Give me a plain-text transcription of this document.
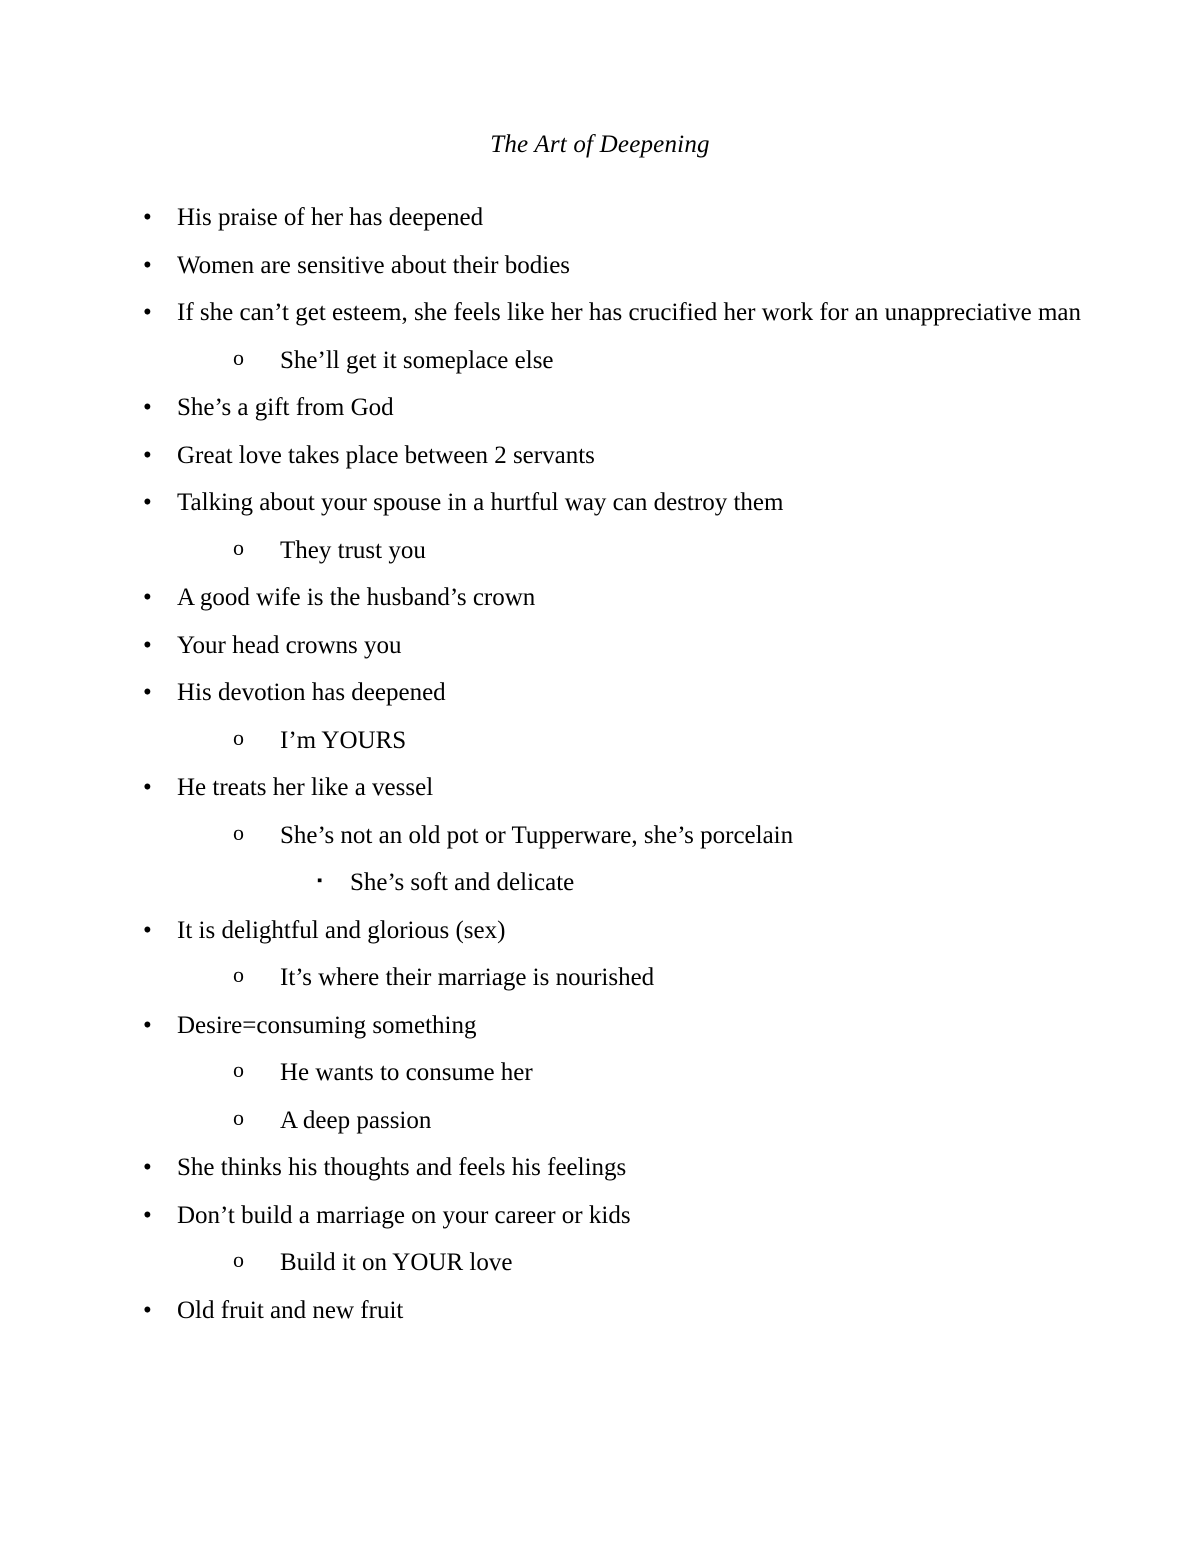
The Art of Deepening
•	His praise of her has deepened
•	Women are sensitive about their bodies
•	If she can’t get esteem, she feels like her has crucified her work for an unappreciative man
o She’ll get it someplace else
•	She’s a gift from God
•	Great love takes place between 2 servants
•	Talking about your spouse in a hurtful way can destroy them
o They trust you
•	A good wife is the husband’s crown
•	Your head crowns you
•	His devotion has deepened
o I’m YOURS
•	He treats her like a vessel
o She’s not an old pot or Tupperware, she’s porcelain
▪ She’s soft and delicate
•	It is delightful and glorious (sex)
o It’s where their marriage is nourished
•	Desire=consuming something
o He wants to consume her
o A deep passion
•	She thinks his thoughts and feels his feelings
•	Don’t build a marriage on your career or kids
o Build it on YOUR love
•	Old fruit and new fruit
